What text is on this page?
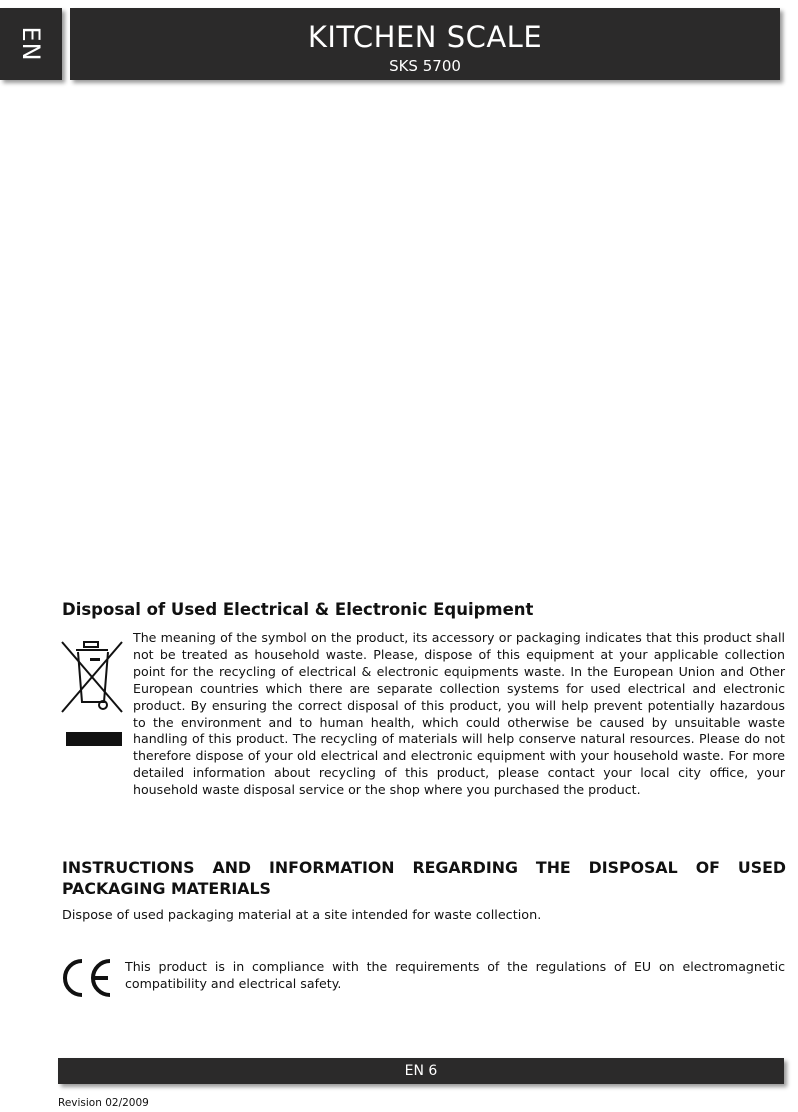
EN	KITCHEN SCALE
SKS 5700
Disposal of Used Electrical & Electronic Equipment

The meaning of the symbol on the product, its accessory or packaging indicates that this product shall not be treated as household waste. Please, dispose of this equipment at your applicable collection point for the recycling of electrical & electronic equipments waste. In the European Union and Other European countries which there are separate collection systems for used electrical and electronic product. By ensuring the correct disposal of this product, you will help prevent potentially hazardous to the environment and to human health, which could otherwise be caused by unsuitable waste handling of this product. The recycling of materials will help conserve natural resources. Please do not therefore dispose of your old electrical and electronic equipment with your household waste. For more detailed information about recycling of this product, please contact your local city office, your household waste disposal service or the shop where you purchased the product.

INSTRUCTIONS AND INFORMATION REGARDING THE DISPOSAL OF USED PACKAGING MATERIALS

Dispose of used packaging material at a site intended for waste collection.

This product is in compliance with the requirements of the regulations of EU on electromagnetic compatibility and electrical safety.

EN 6
Revision 02/2009
